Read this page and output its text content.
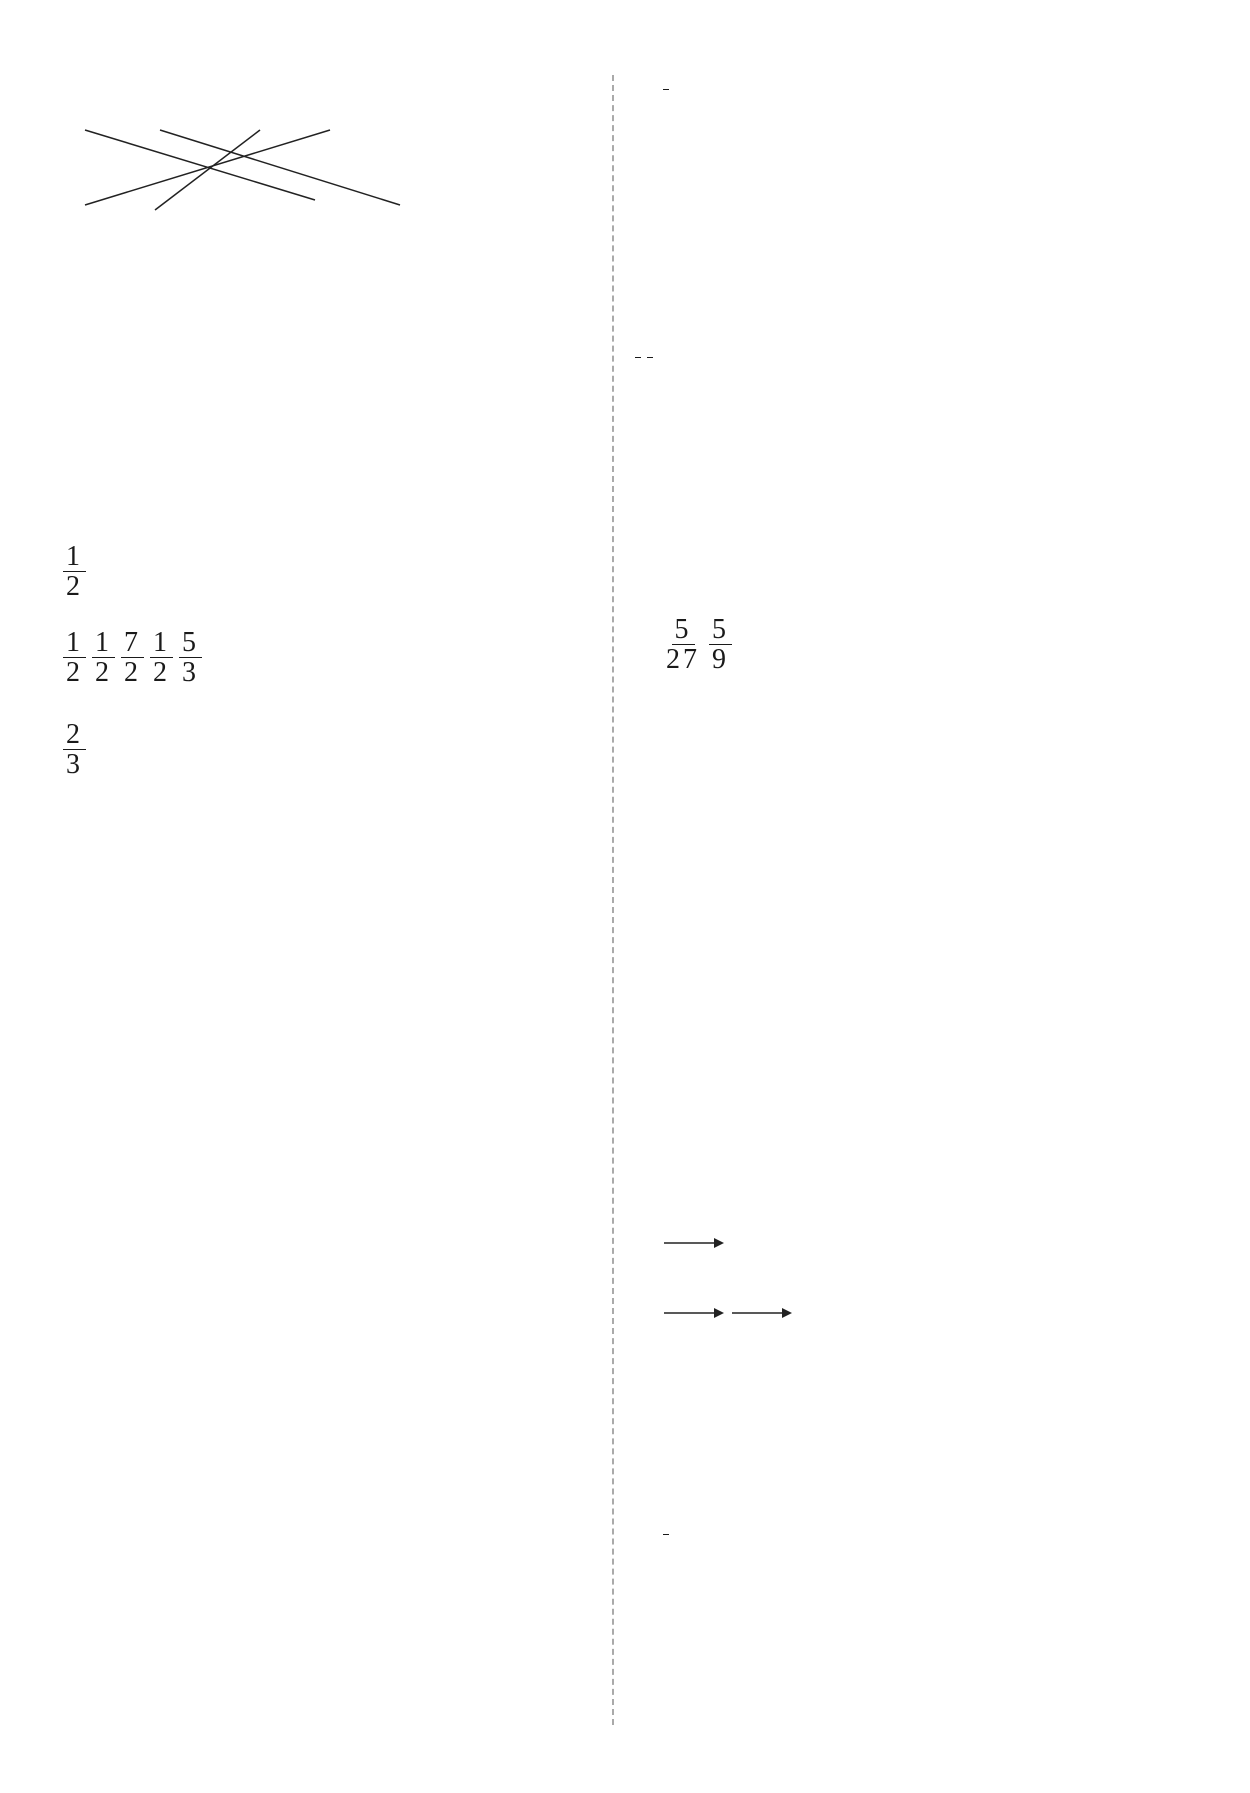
$\frac{1}{2}$
$\frac{1}{2} \frac{1}{2} \frac{7}{2} \frac{1}{2} \frac{5}{3}$
$\frac{2}{3}$
$\frac{5}{27} \frac{5}{9}$
